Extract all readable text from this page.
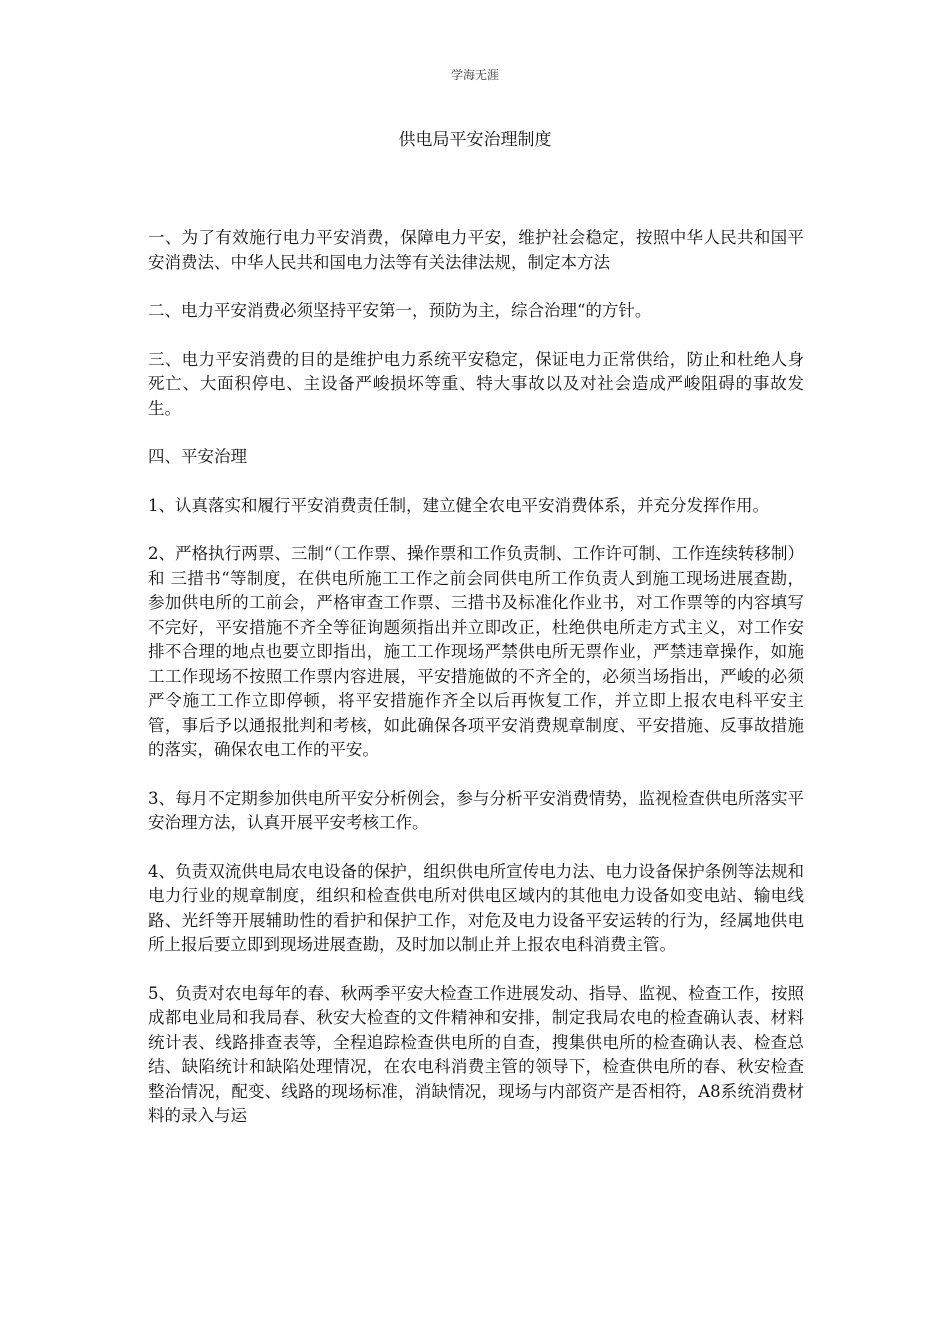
学海无涯
供电局平安治理制度

一、为了有效施行电力平安消费，保障电力平安，维护社会稳定，按照中华人民共和国平安消费法、中华人民共和国电力法等有关法律法规，制定本方法

二、电力平安消费必须坚持平安第一，预防为主，综合治理“的方针。

三、电力平安消费的目的是维护电力系统平安稳定，保证电力正常供给，防止和杜绝人身死亡、大面积停电、主设备严峻损坏等重、特大事故以及对社会造成严峻阻碍的事故发生。

四、平安治理

1、认真落实和履行平安消费责任制，建立健全农电平安消费体系，并充分发挥作用。

2、严格执行两票、三制“（工作票、操作票和工作负责制、工作许可制、工作连续转移制）和 三措书“等制度，在供电所施工工作之前会同供电所工作负责人到施工现场进展查勘，参加供电所的工前会，严格审查工作票、三措书及标准化作业书，对工作票等的内容填写不完好，平安措施不齐全等征询题须指出并立即改正，杜绝供电所走方式主义，对工作安排不合理的地点也要立即指出，施工工作现场严禁供电所无票作业，严禁违章操作，如施工工作现场不按照工作票内容进展，平安措施做的不齐全的，必须当场指出，严峻的必须严令施工工作立即停顿，将平安措施作齐全以后再恢复工作，并立即上报农电科平安主管，事后予以通报批判和考核，如此确保各项平安消费规章制度、平安措施、反事故措施的落实，确保农电工作的平安。

3、每月不定期参加供电所平安分析例会，参与分析平安消费情势，监视检查供电所落实平安治理方法，认真开展平安考核工作。

4、负责双流供电局农电设备的保护，组织供电所宣传电力法、电力设备保护条例等法规和电力行业的规章制度，组织和检查供电所对供电区域内的其他电力设备如变电站、输电线路、光纤等开展辅助性的看护和保护工作，对危及电力设备平安运转的行为，经属地供电所上报后要立即到现场进展查勘，及时加以制止并上报农电科消费主管。

5、负责对农电每年的春、秋两季平安大检查工作进展发动、指导、监视、检查工作，按照成都电业局和我局春、秋安大检查的文件精神和安排，制定我局农电的检查确认表、材料统计表、线路排查表等，全程追踪检查供电所的自查，搜集供电所的检查确认表、检查总结、缺陷统计和缺陷处理情况，在农电科消费主管的领导下，检查供电所的春、秋安检查整治情况，配变、线路的现场标准，消缺情况，现场与内部资产是否相符，A8系统消费材料的录入与运
